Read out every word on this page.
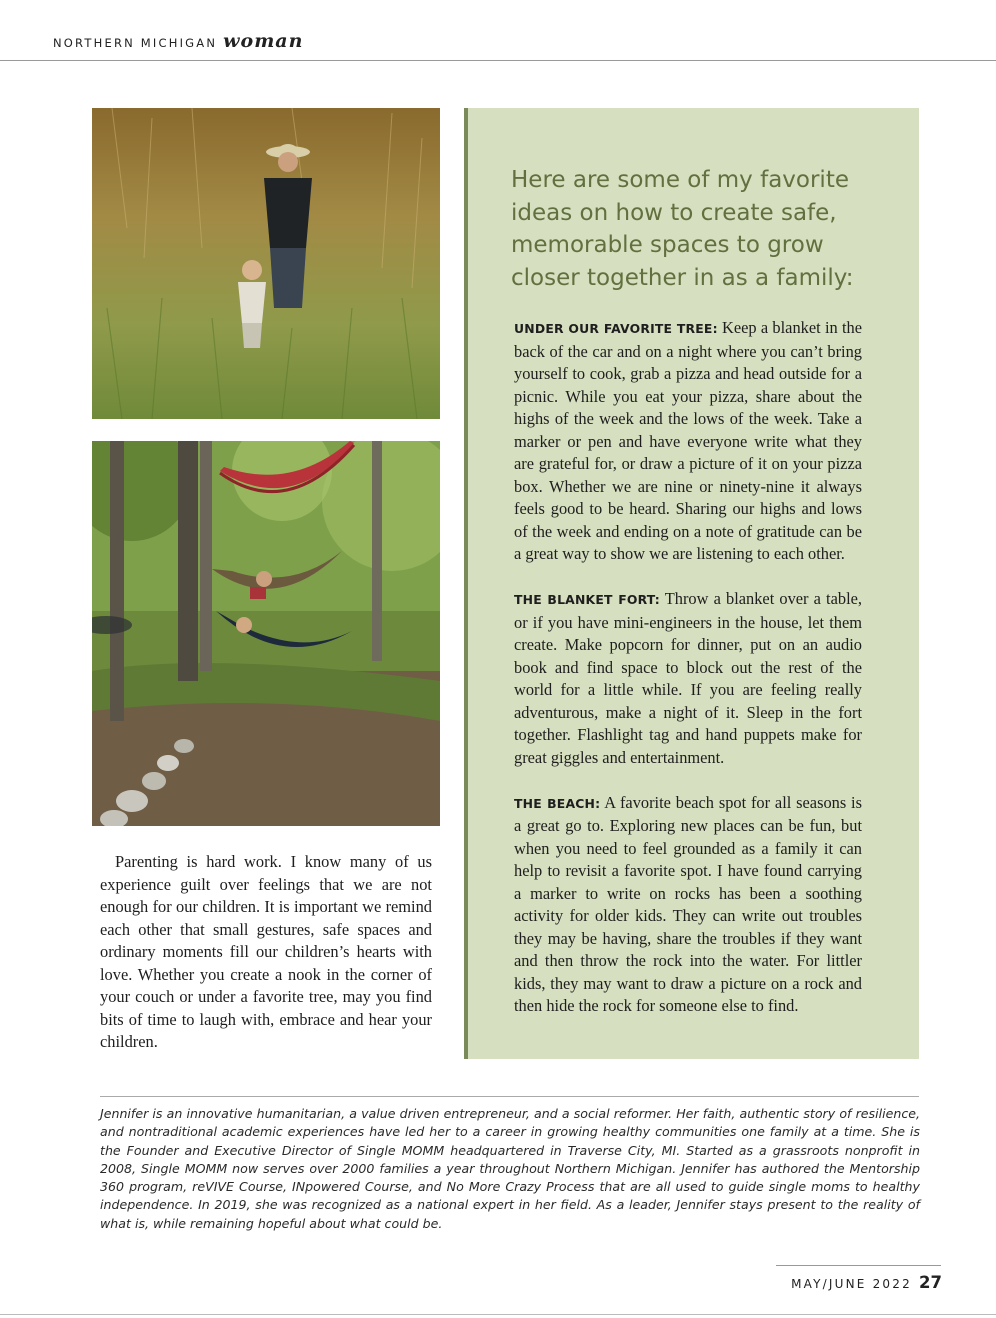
NORTHERN MICHIGAN woman

Parenting is hard work. I know many of us experience guilt over feelings that we are not enough for our children. It is important we remind each other that small gestures, safe spaces and ordinary moments fill our children’s hearts with love. Whether you create a nook in the corner of your couch or under a favorite tree, may you find bits of time to laugh with, embrace and hear your children.

Here are some of my favorite ideas on how to create safe, memorable spaces to grow closer together in as a family:

UNDER OUR FAVORITE TREE: Keep a blanket in the back of the car and on a night where you can’t bring yourself to cook, grab a pizza and head outside for a picnic. While you eat your pizza, share about the highs of the week and the lows of the week. Take a marker or pen and have everyone write what they are grateful for, or draw a picture of it on your pizza box. Whether we are nine or ninety-nine it always feels good to be heard. Sharing our highs and lows of the week and ending on a note of gratitude can be a great way to show we are listening to each other.

THE BLANKET FORT: Throw a blanket over a table, or if you have mini-engineers in the house, let them create. Make popcorn for dinner, put on an audio book and find space to block out the rest of the world for a little while. If you are feeling really adventurous, make a night of it. Sleep in the fort together. Flashlight tag and hand puppets make for great giggles and entertainment.

THE BEACH: A favorite beach spot for all seasons is a great go to. Exploring new places can be fun, but when you need to feel grounded as a family it can help to revisit a favorite spot. I have found carrying a marker to write on rocks has been a soothing activity for older kids. They can write out troubles they may be having, share the troubles if they want and then throw the rock into the water. For littler kids, they may want to draw a picture on a rock and then hide the rock for someone else to find.

Jennifer is an innovative humanitarian, a value driven entrepreneur, and a social reformer. Her faith, authentic story of resilience, and nontraditional academic experiences have led her to a career in growing healthy communities one family at a time. She is the Founder and Executive Director of Single MOMM headquartered in Traverse City, MI. Started as a grassroots nonprofit in 2008, Single MOMM now serves over 2000 families a year throughout Northern Michigan. Jennifer has authored the Mentorship 360 program, reVIVE Course, INpowered Course, and No More Crazy Process that are all used to guide single moms to healthy independence. In 2019, she was recognized as a national expert in her field. As a leader, Jennifer stays present to the reality of what is, while remaining hopeful about what could be.

MAY/JUNE 2022 27
